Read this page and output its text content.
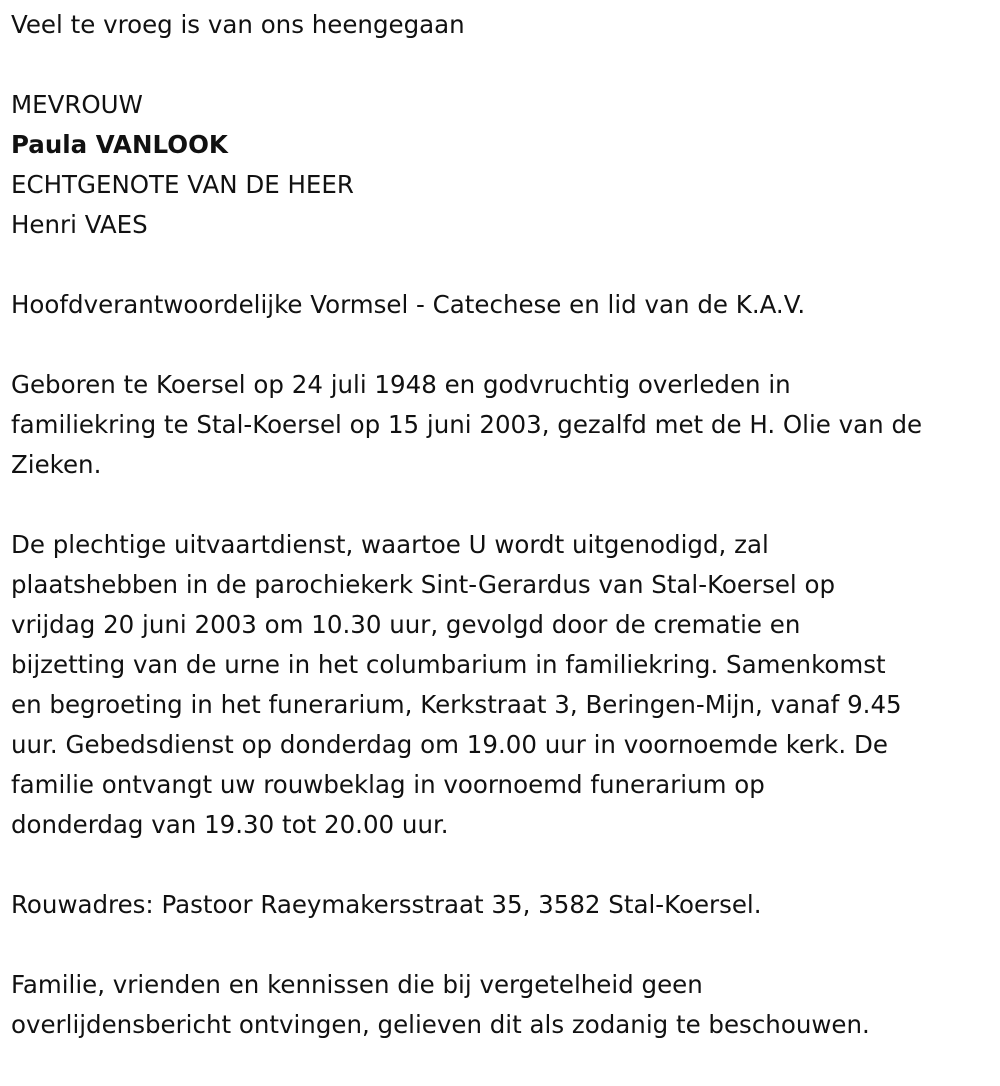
Veel te vroeg is van ons heengegaan
MEVROUW
Paula VANLOOK
ECHTGENOTE VAN DE HEER
Henri VAES
Hoofdverantwoordelijke Vormsel - Catechese en lid van de K.A.V.
Geboren te Koersel op 24 juli 1948 en godvruchtig overleden in
familiekring te Stal-Koersel op 15 juni 2003, gezalfd met de H. Olie van de
Zieken.
De plechtige uitvaartdienst, waartoe U wordt uitgenodigd, zal
plaatshebben in de parochiekerk Sint-Gerardus van Stal-Koersel op
vrijdag 20 juni 2003 om 10.30 uur, gevolgd door de crematie en
bijzetting van de urne in het columbarium in familiekring. Samenkomst
en begroeting in het funerarium, Kerkstraat 3, Beringen-Mijn, vanaf 9.45
uur. Gebedsdienst op donderdag om 19.00 uur in voornoemde kerk. De
familie ontvangt uw rouwbeklag in voornoemd funerarium op
donderdag van 19.30 tot 20.00 uur.
Rouwadres: Pastoor Raeymakersstraat 35, 3582 Stal-Koersel.
Familie, vrienden en kennissen die bij vergetelheid geen
overlijdensbericht ontvingen, gelieven dit als zodanig te beschouwen.
